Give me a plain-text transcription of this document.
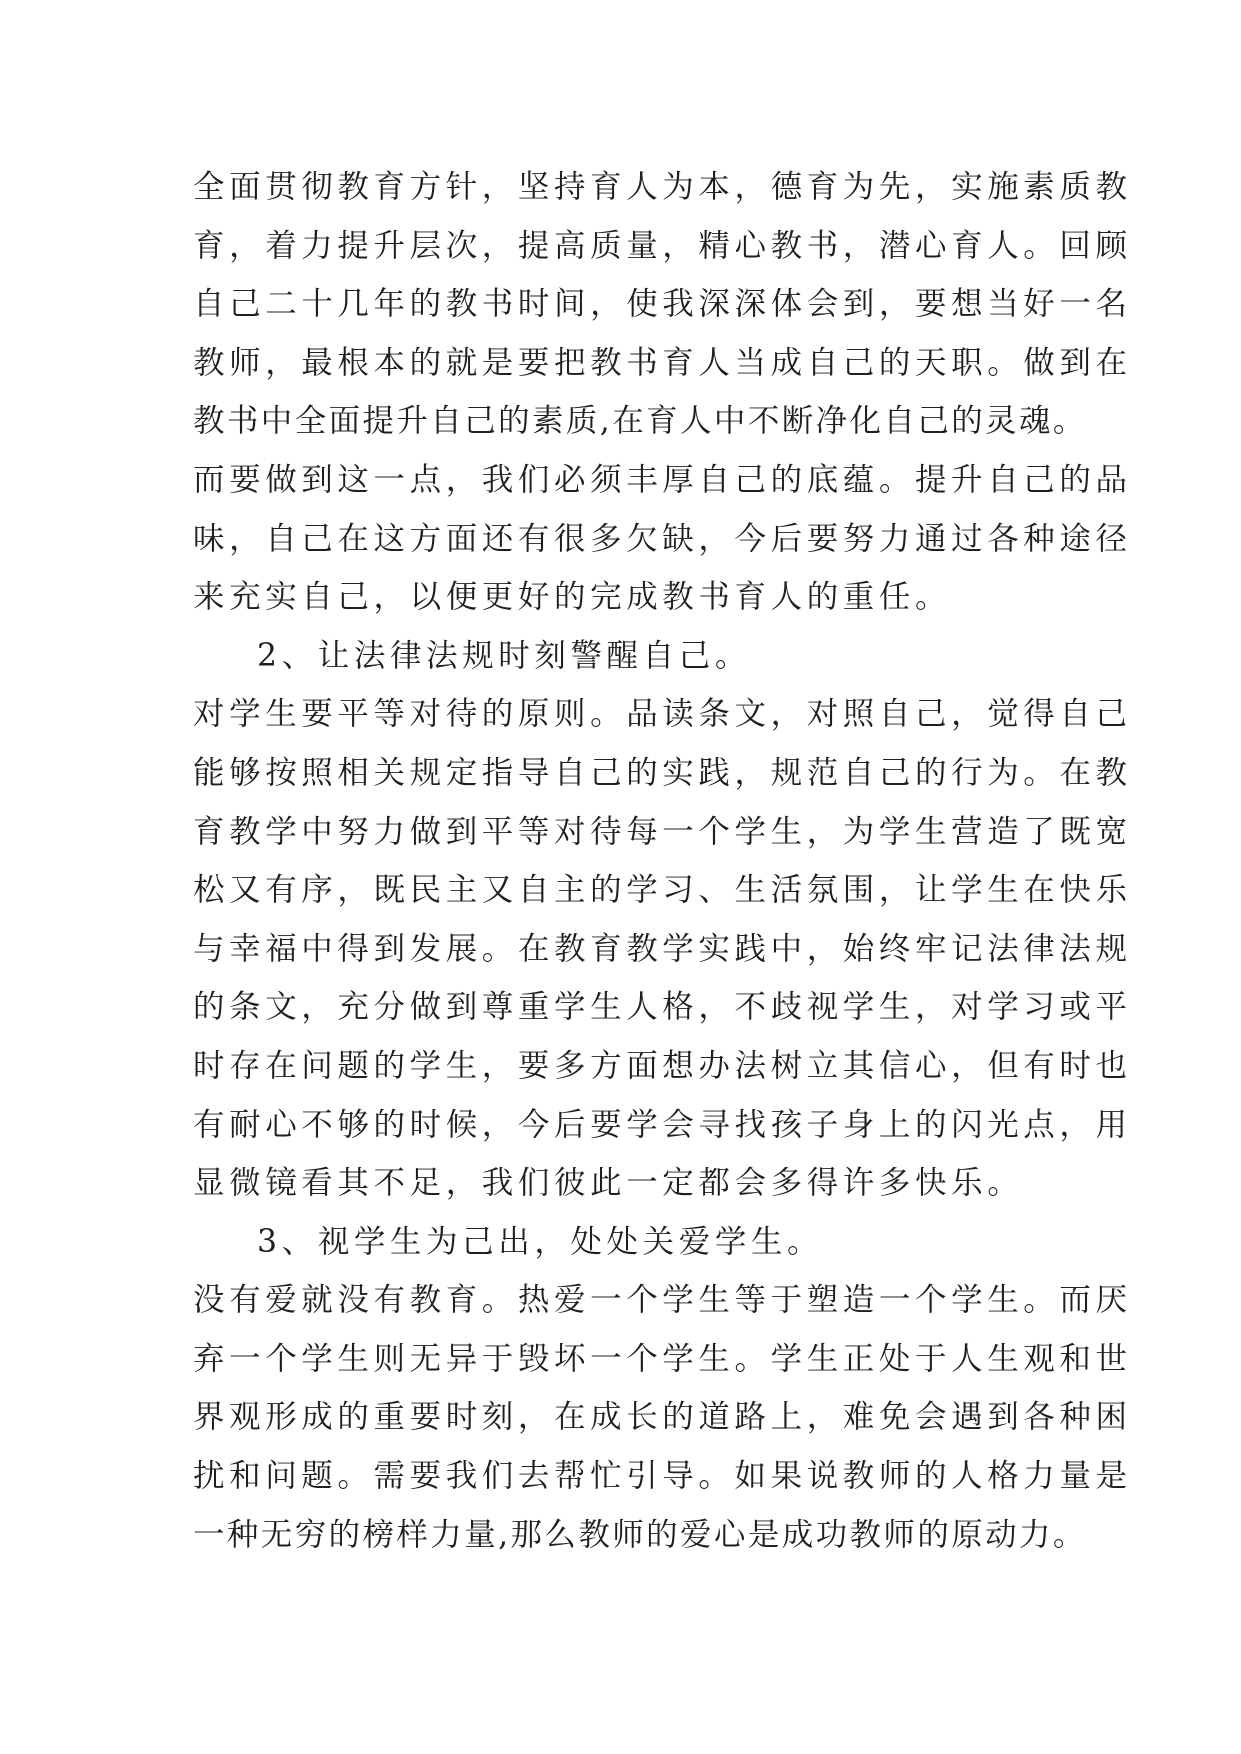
全面贯彻教育方针，坚持育人为本，德育为先，实施素质教
育，着力提升层次，提高质量，精心教书，潜心育人。回顾
自己二十几年的教书时间，使我深深体会到，要想当好一名
教师，最根本的就是要把教书育人当成自己的天职。做到在
教书中全面提升自己的素质,在育人中不断净化自己的灵魂。
而要做到这一点，我们必须丰厚自己的底蕴。提升自己的品
味，自己在这方面还有很多欠缺，今后要努力通过各种途径
来充实自己，以便更好的完成教书育人的重任。
2、让法律法规时刻警醒自己。
对学生要平等对待的原则。品读条文，对照自己，觉得自己
能够按照相关规定指导自己的实践，规范自己的行为。在教
育教学中努力做到平等对待每一个学生，为学生营造了既宽
松又有序，既民主又自主的学习、生活氛围，让学生在快乐
与幸福中得到发展。在教育教学实践中，始终牢记法律法规
的条文，充分做到尊重学生人格，不歧视学生，对学习或平
时存在问题的学生，要多方面想办法树立其信心，但有时也
有耐心不够的时候，今后要学会寻找孩子身上的闪光点，用
显微镜看其不足，我们彼此一定都会多得许多快乐。
3、视学生为己出，处处关爱学生。
没有爱就没有教育。热爱一个学生等于塑造一个学生。而厌
弃一个学生则无异于毁坏一个学生。学生正处于人生观和世
界观形成的重要时刻，在成长的道路上，难免会遇到各种困
扰和问题。需要我们去帮忙引导。如果说教师的人格力量是
一种无穷的榜样力量,那么教师的爱心是成功教师的原动力。
